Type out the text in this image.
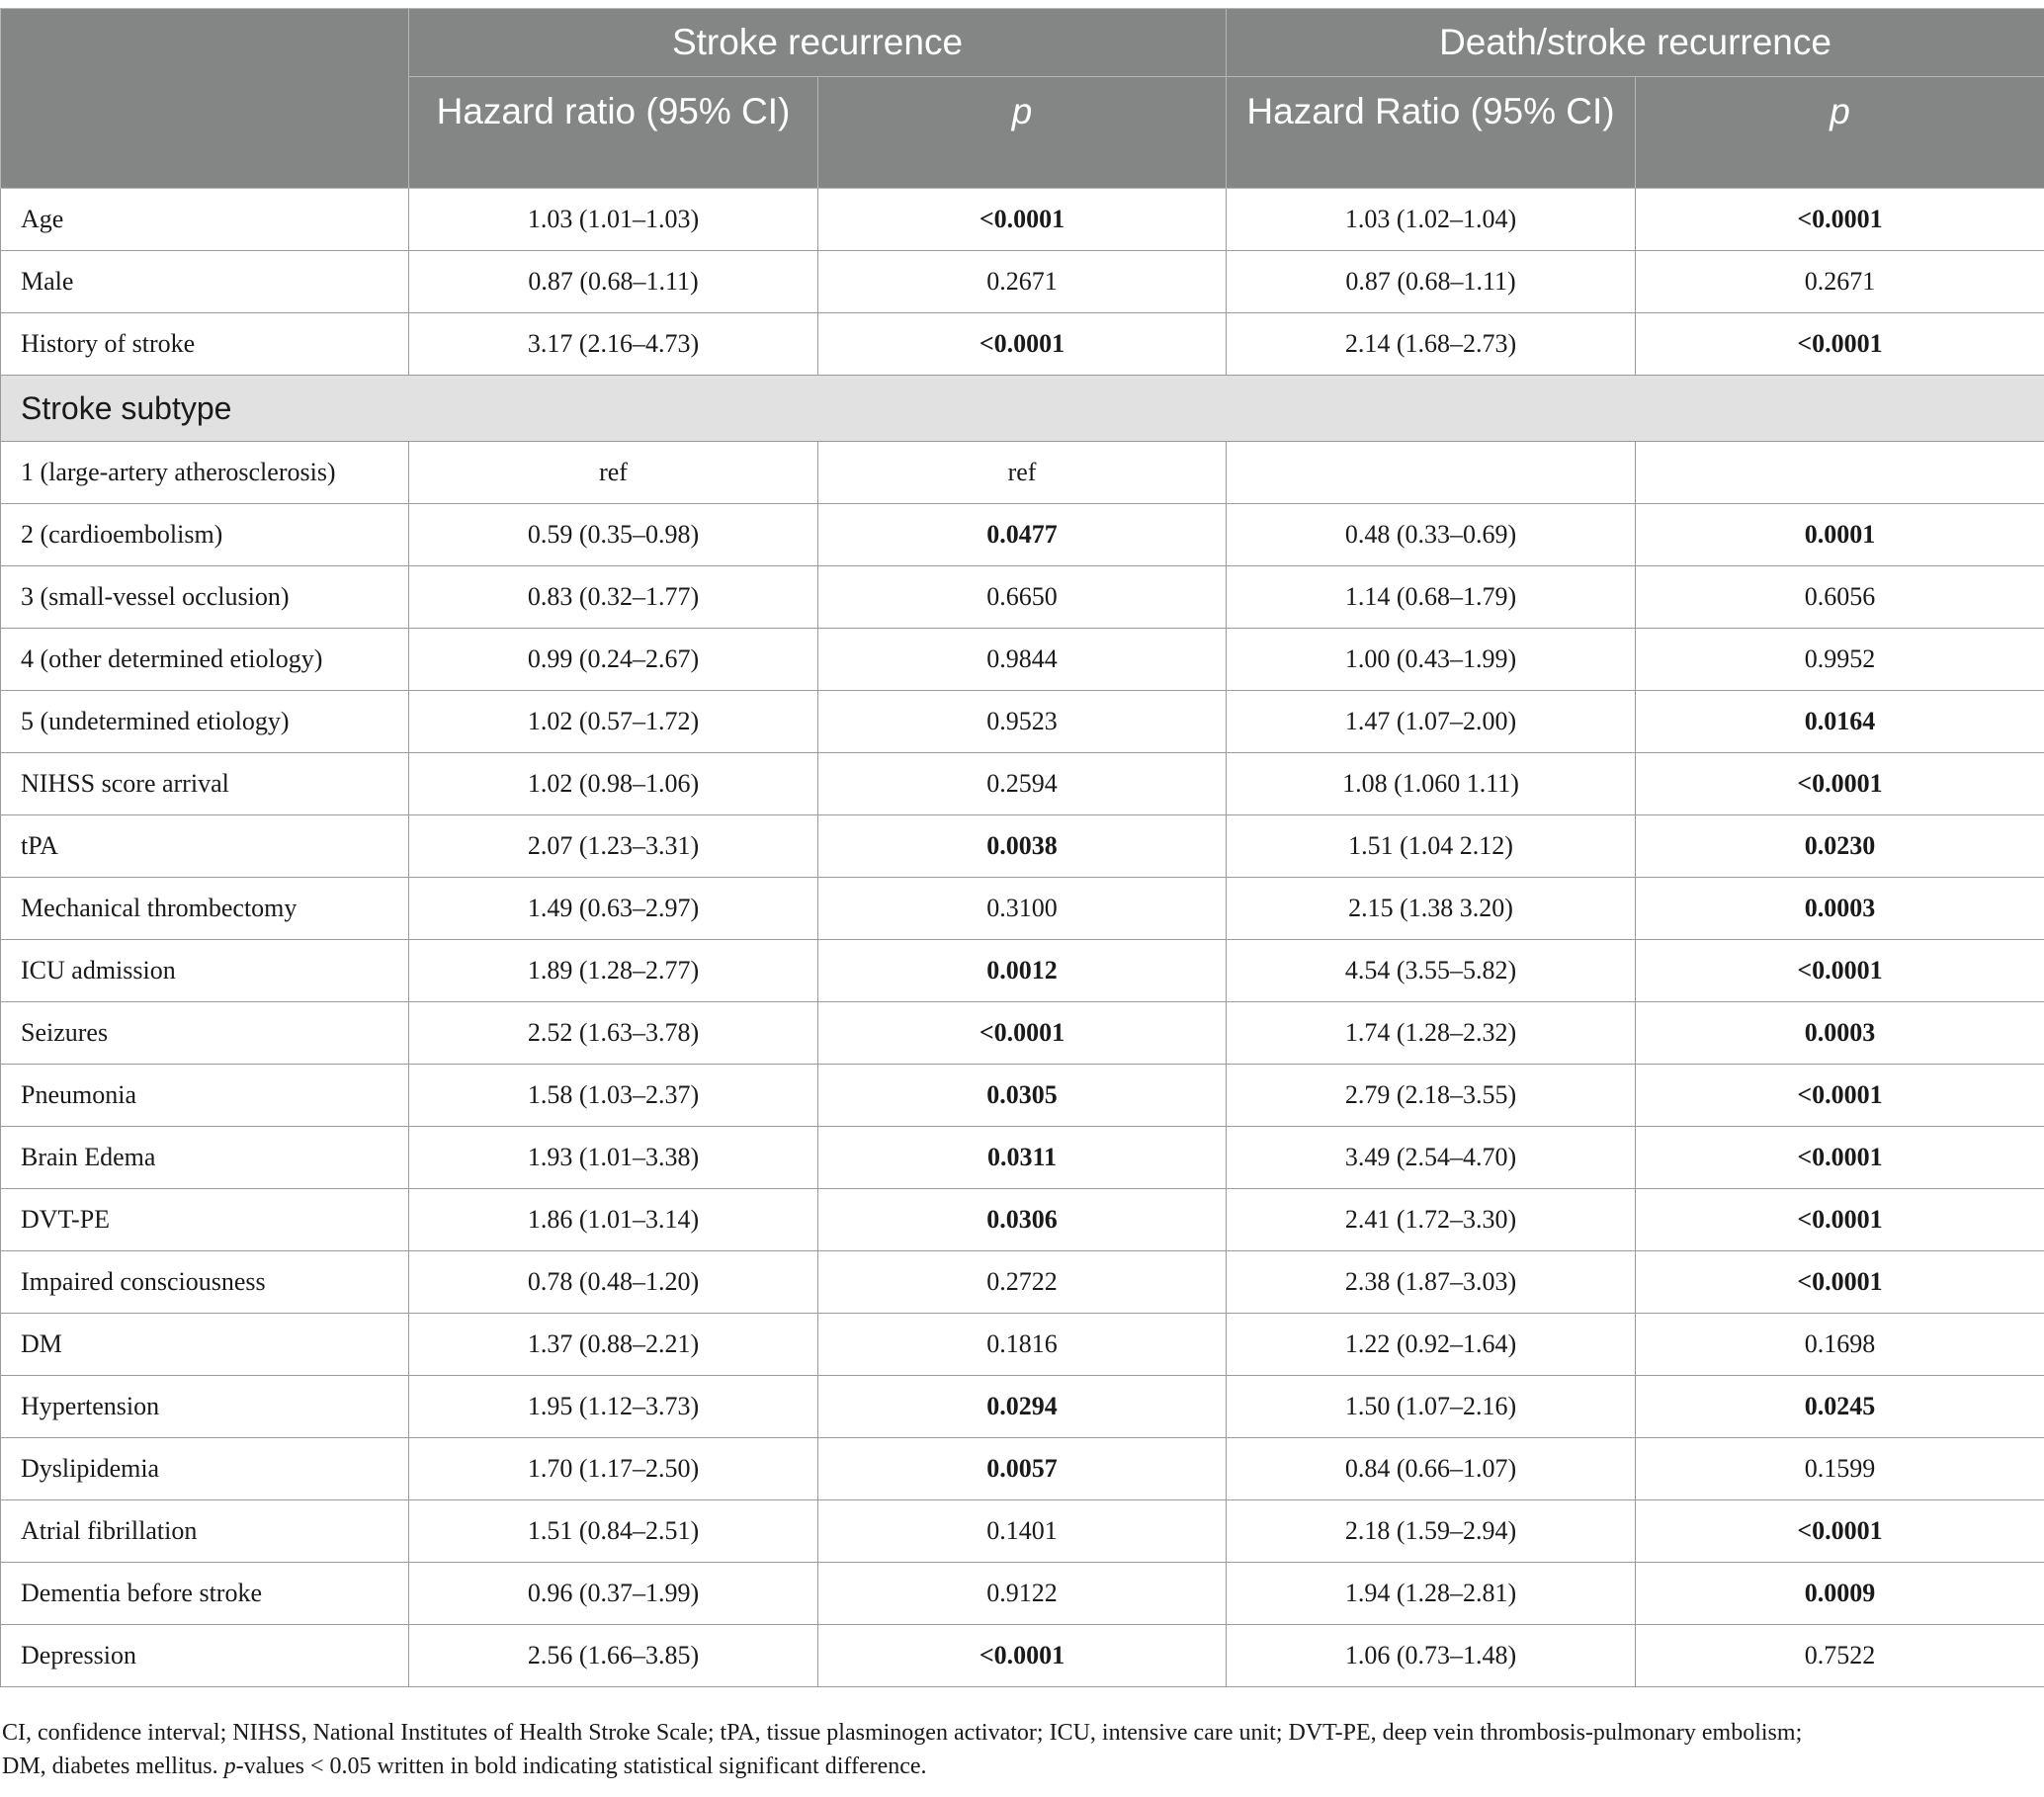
	Stroke recurrence		Death/stroke recurrence	
	Hazard ratio (95% CI)	p	Hazard Ratio (95% CI)	p
Age	1.03 (1.01–1.03)	<0.0001	1.03 (1.02–1.04)	<0.0001
Male	0.87 (0.68–1.11)	0.2671	0.87 (0.68–1.11)	0.2671
History of stroke	3.17 (2.16–4.73)	<0.0001	2.14 (1.68–2.73)	<0.0001
Stroke subtype				
1 (large-artery atherosclerosis)	ref	ref		
2 (cardioembolism)	0.59 (0.35–0.98)	0.0477	0.48 (0.33–0.69)	0.0001
3 (small-vessel occlusion)	0.83 (0.32–1.77)	0.6650	1.14 (0.68–1.79)	0.6056
4 (other determined etiology)	0.99 (0.24–2.67)	0.9844	1.00 (0.43–1.99)	0.9952
5 (undetermined etiology)	1.02 (0.57–1.72)	0.9523	1.47 (1.07–2.00)	0.0164
NIHSS score arrival	1.02 (0.98–1.06)	0.2594	1.08 (1.060 1.11)	<0.0001
tPA	2.07 (1.23–3.31)	0.0038	1.51 (1.04 2.12)	0.0230
Mechanical thrombectomy	1.49 (0.63–2.97)	0.3100	2.15 (1.38 3.20)	0.0003
ICU admission	1.89 (1.28–2.77)	0.0012	4.54 (3.55–5.82)	<0.0001
Seizures	2.52 (1.63–3.78)	<0.0001	1.74 (1.28–2.32)	0.0003
Pneumonia	1.58 (1.03–2.37)	0.0305	2.79 (2.18–3.55)	<0.0001
Brain Edema	1.93 (1.01–3.38)	0.0311	3.49 (2.54–4.70)	<0.0001
DVT-PE	1.86 (1.01–3.14)	0.0306	2.41 (1.72–3.30)	<0.0001
Impaired consciousness	0.78 (0.48–1.20)	0.2722	2.38 (1.87–3.03)	<0.0001
DM	1.37 (0.88–2.21)	0.1816	1.22 (0.92–1.64)	0.1698
Hypertension	1.95 (1.12–3.73)	0.0294	1.50 (1.07–2.16)	0.0245
Dyslipidemia	1.70 (1.17–2.50)	0.0057	0.84 (0.66–1.07)	0.1599
Atrial fibrillation	1.51 (0.84–2.51)	0.1401	2.18 (1.59–2.94)	<0.0001
Dementia before stroke	0.96 (0.37–1.99)	0.9122	1.94 (1.28–2.81)	0.0009
Depression	2.56 (1.66–3.85)	<0.0001	1.06 (0.73–1.48)	0.7522
CI, confidence interval; NIHSS, National Institutes of Health Stroke Scale; tPA, tissue plasminogen activator; ICU, intensive care unit; DVT-PE, deep vein thrombosis-pulmonary embolism;
DM, diabetes mellitus. p-values < 0.05 written in bold indicating statistical significant difference.
